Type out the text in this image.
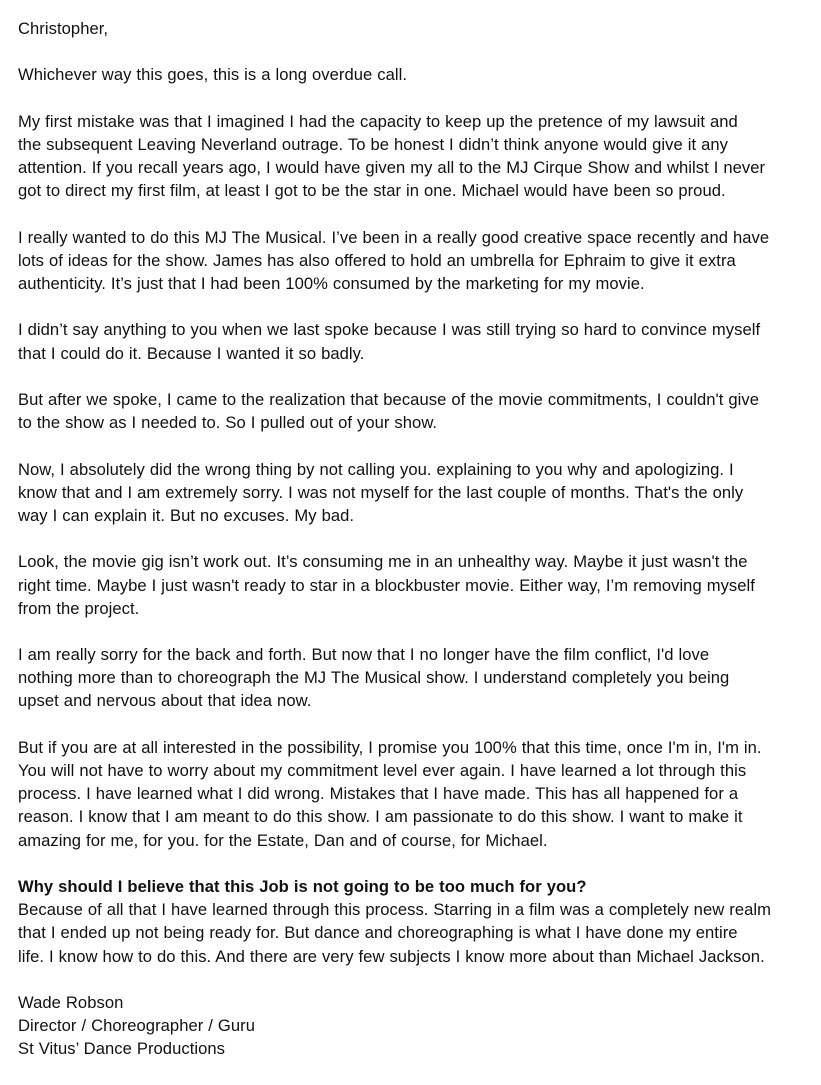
Christopher,
Whichever way this goes, this is a long overdue call.
My first mistake was that I imagined I had the capacity to keep up the pretence of my lawsuit and
the subsequent Leaving Neverland outrage. To be honest I didn’t think anyone would give it any
attention. If you recall years ago, I would have given my all to the MJ Cirque Show and whilst I never
got to direct my first film, at least I got to be the star in one. Michael would have been so proud.
I really wanted to do this MJ The Musical. I’ve been in a really good creative space recently and have
lots of ideas for the show. James has also offered to hold an umbrella for Ephraim to give it extra
authenticity. It’s just that I had been 100% consumed by the marketing for my movie.
I didn’t say anything to you when we last spoke because I was still trying so hard to convince myself
that I could do it. Because I wanted it so badly.
But after we spoke, I came to the realization that because of the movie commitments, I couldn't give
to the show as I needed to. So I pulled out of your show.
Now, I absolutely did the wrong thing by not calling you. explaining to you why and apologizing. I
know that and I am extremely sorry. I was not myself for the last couple of months. That's the only
way I can explain it. But no excuses. My bad.
Look, the movie gig isn’t work out. It’s consuming me in an unhealthy way. Maybe it just wasn't the
right time. Maybe I just wasn't ready to star in a blockbuster movie. Either way, I’m removing myself
from the project.
I am really sorry for the back and forth. But now that I no longer have the film conflict, I'd love
nothing more than to choreograph the MJ The Musical show. I understand completely you being
upset and nervous about that idea now.
But if you are at all interested in the possibility, I promise you 100% that this time, once I'm in, I'm in.
You will not have to worry about my commitment level ever again. I have learned a lot through this
process. I have learned what I did wrong. Mistakes that I have made. This has all happened for a
reason. I know that I am meant to do this show. I am passionate to do this show. I want to make it
amazing for me, for you. for the Estate, Dan and of course, for Michael.
Why should I believe that this Job is not going to be too much for you?
Because of all that I have learned through this process. Starring in a film was a completely new realm
that I ended up not being ready for. But dance and choreographing is what I have done my entire
life. I know how to do this. And there are very few subjects I know more about than Michael Jackson.
Wade Robson
Director / Choreographer / Guru
St Vitus’ Dance Productions
